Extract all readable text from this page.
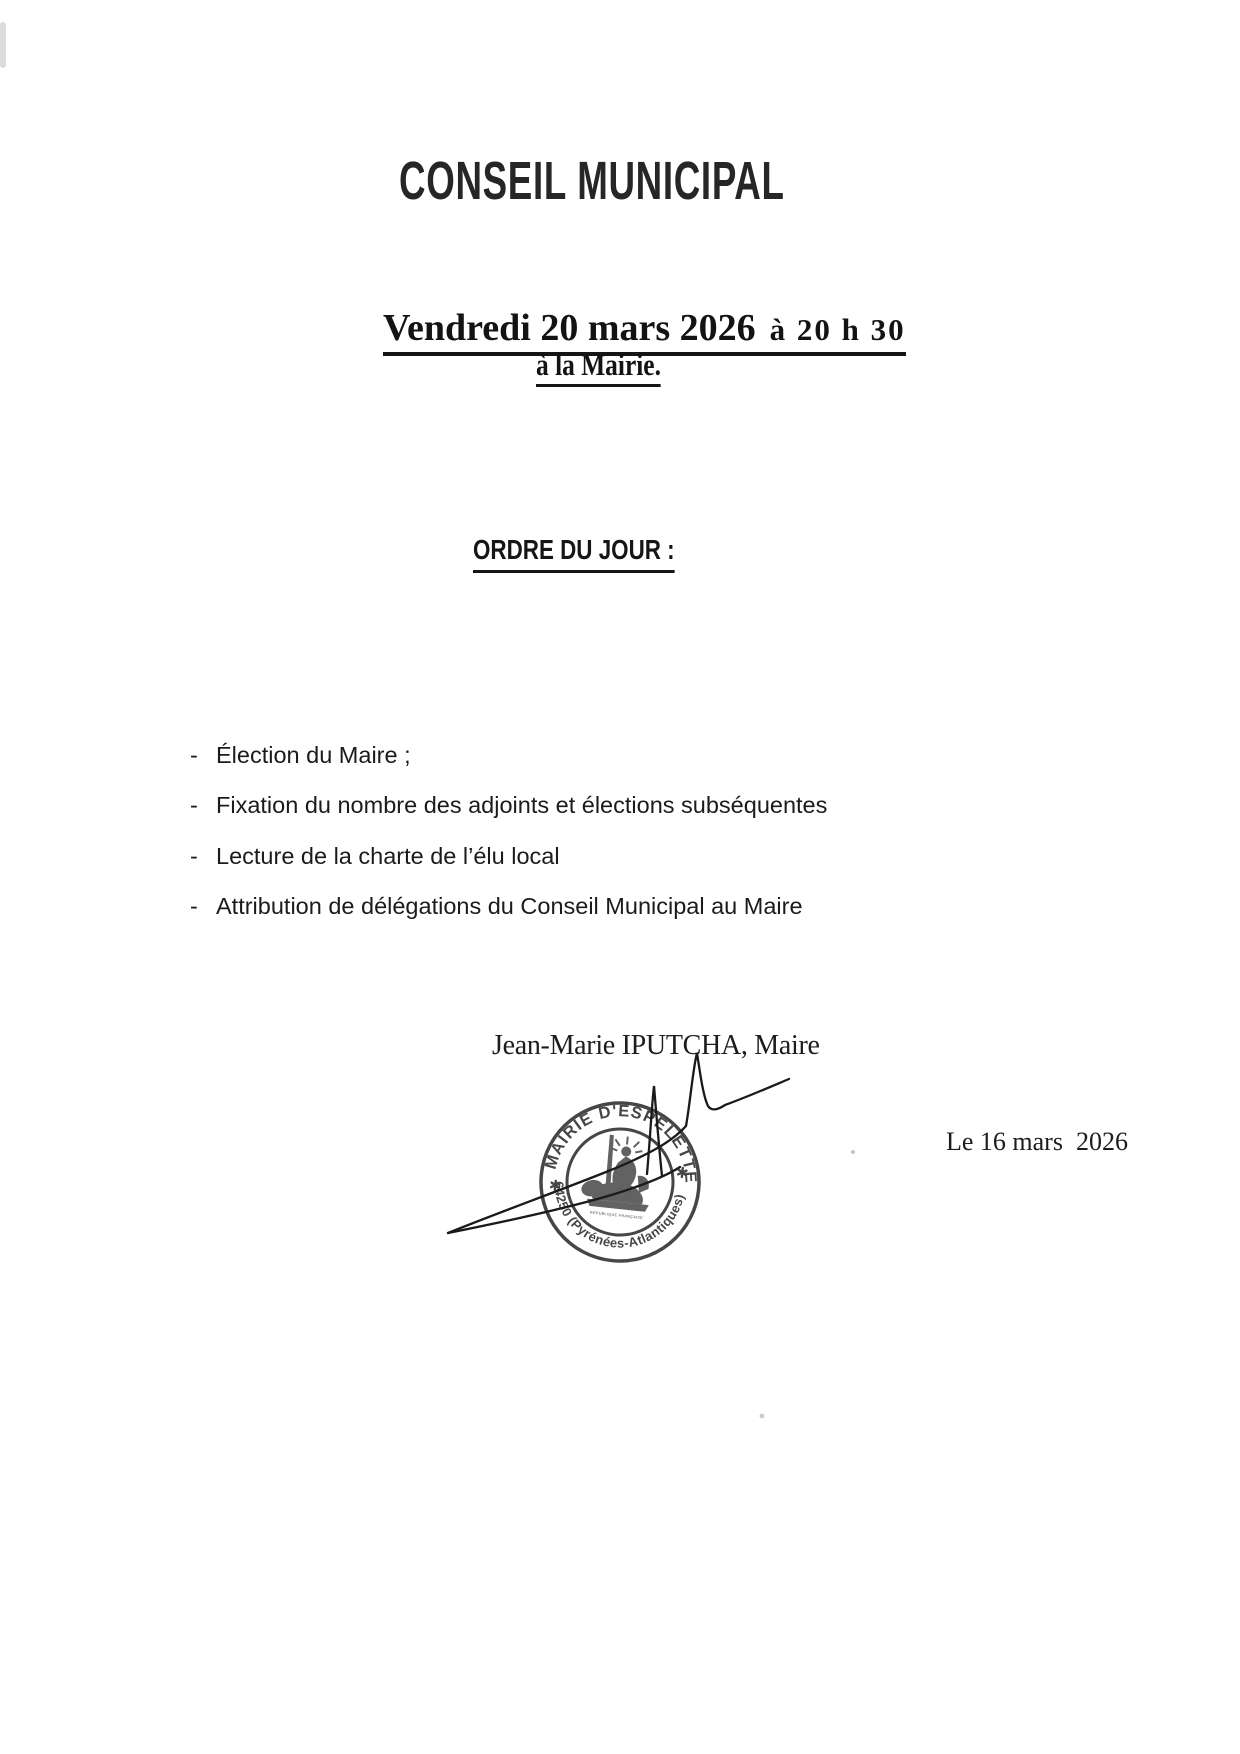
CONSEIL MUNICIPAL
Vendredi 20 mars 2026 à 20 h 30
à la Mairie.
ORDRE DU JOUR :
- Élection du Maire ;
- Fixation du nombre des adjoints et élections subséquentes
- Lecture de la charte de l’élu local
- Attribution de délégations du Conseil Municipal au Maire
Jean-Marie IPUTCHA, Maire
Le 16 mars  2026
MAIRIE D'ESPELETTE
64250 (Pyrénées-Atlantiques)
RÉPUBLIQUE FRANÇAISE
